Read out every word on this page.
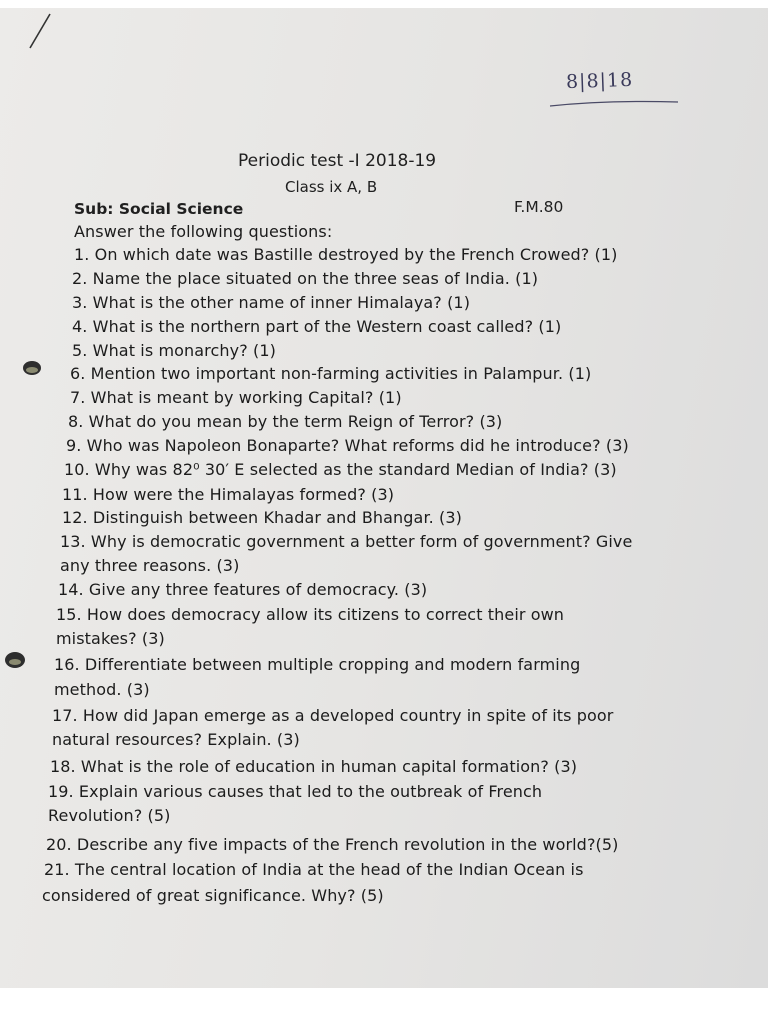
8|8|18
Periodic test -I 2018-19
Class ix A, B
Sub: Social Science	F.M.80
Answer the following questions:
1. On which date was Bastille destroyed by the French Crowed? (1)
2. Name the place situated on the three seas of India. (1)
3. What is the other name of inner Himalaya? (1)
4. What is the northern part of the Western coast called? (1)
5. What is monarchy? (1)
6. Mention two important non-farming activities in Palampur. (1)
7. What is meant by working Capital? (1)
8. What do you mean by the term Reign of Terror? (3)
9. Who was Napoleon Bonaparte? What reforms did he introduce? (3)
10. Why was 82⁰ 30′ E selected as the standard Median of India? (3)
11. How were the Himalayas formed? (3)
12. Distinguish between Khadar and Bhangar. (3)
13. Why is democratic government a better form of government? Give
any three reasons. (3)
14. Give any three features of democracy. (3)
15. How does democracy allow its citizens to correct their own
mistakes? (3)
16. Differentiate between multiple cropping and modern farming
method. (3)
17. How did Japan emerge as a developed country in spite of its poor
natural resources? Explain. (3)
18. What is the role of education in human capital formation? (3)
19. Explain various causes that led to the outbreak of French
Revolution? (5)
20. Describe any five impacts of the French revolution in the world?(5)
21. The central location of India at the head of the Indian Ocean is
considered of great significance. Why? (5)
